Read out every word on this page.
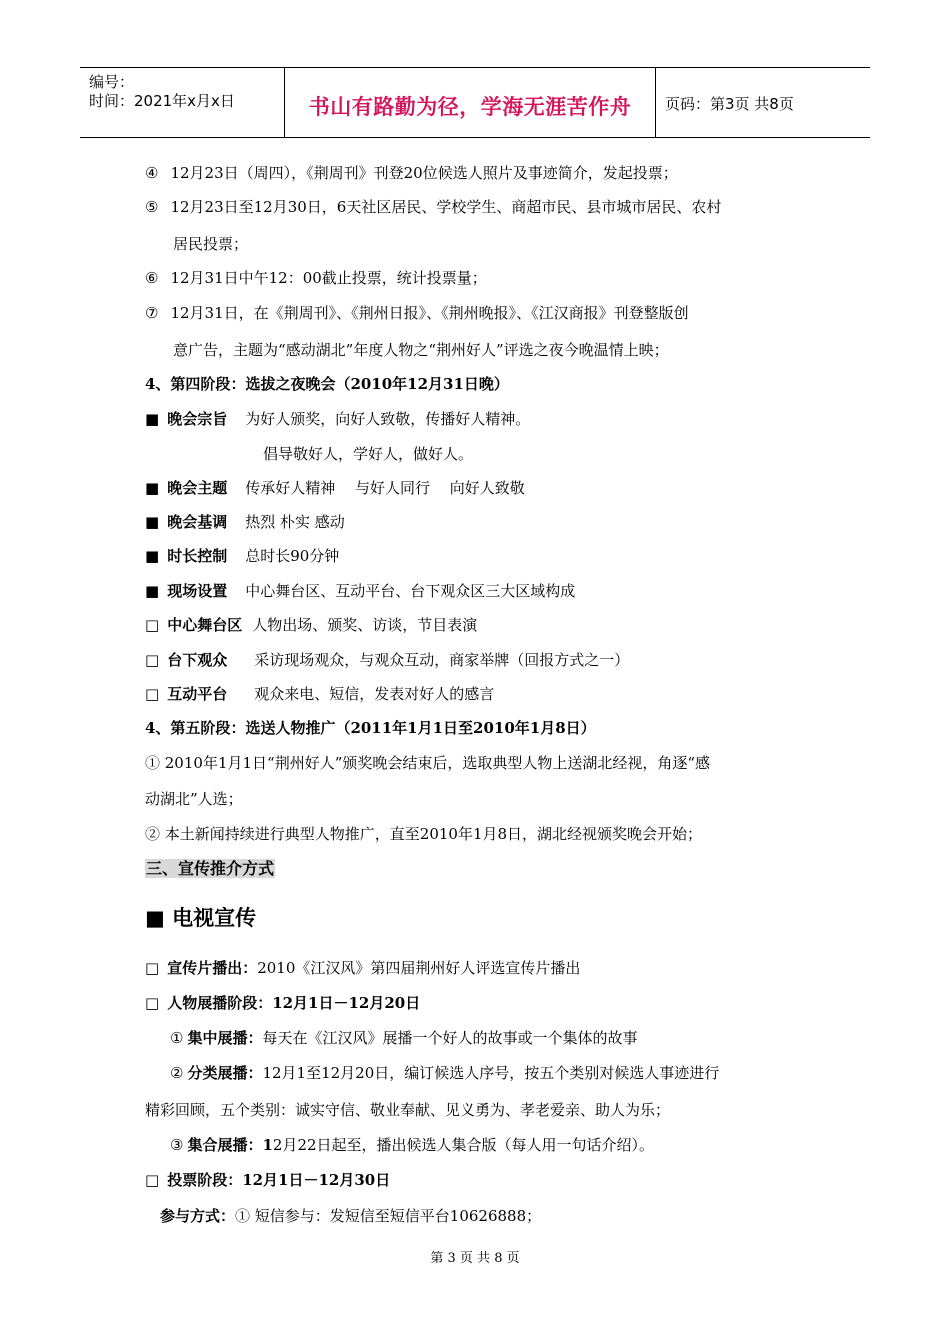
编号：
时间：2021年x月x日	书山有路勤为径，学海无涯苦作舟	页码：第3页 共8页
④ 12月23日（周四），《荆周刊》刊登20位候选人照片及事迹简介，发起投票；
⑤ 12月23日至12月30日，6天社区居民、学校学生、商超市民、县市城市居民、农村
居民投票；
⑥ 12月31日中午12：00截止投票，统计投票量；
⑦ 12月31日，在《荆周刊》、《荆州日报》、《荆州晚报》、《江汉商报》刊登整版创
意广告，主题为“感动湖北”年度人物之“荆州好人”评选之夜今晚温情上映；
4、第四阶段：选拔之夜晚会（2010年12月31日晚）
■ 晚会宗旨 为好人颁奖，向好人致敬，传播好人精神。
倡导敬好人，学好人，做好人。
■ 晚会主题 传承好人精神　 与好人同行　 向好人致敬
■ 晚会基调 热烈 朴实 感动
■ 时长控制 总时长90分钟
■ 现场设置 中心舞台区、互动平台、台下观众区三大区域构成
□ 中心舞台区 人物出场、颁奖、访谈，节目表演
□ 台下观众 采访现场观众，与观众互动，商家举牌（回报方式之一）
□ 互动平台 观众来电、短信，发表对好人的感言
4、第五阶段：选送人物推广（2011年1月1日至2010年1月8日）
① 2010年1月1日“荆州好人”颁奖晚会结束后，选取典型人物上送湖北经视，角逐“感
动湖北”人选；
② 本土新闻持续进行典型人物推广，直至2010年1月8日，湖北经视颁奖晚会开始；
三、宣传推介方式
■ 电视宣传
□ 宣传片播出：2010《江汉风》第四届荆州好人评选宣传片播出
□ 人物展播阶段：12月1日－12月20日
① 集中展播：每天在《江汉风》展播一个好人的故事或一个集体的故事
② 分类展播：12月1至12月20日，编订候选人序号，按五个类别对候选人事迹进行
精彩回顾，五个类别：诚实守信、敬业奉献、见义勇为、孝老爱亲、助人为乐；
③ 集合展播：12月22日起至，播出候选人集合版（每人用一句话介绍）。
□ 投票阶段：12月1日－12月30日
参与方式：① 短信参与：发短信至短信平台10626888；
第 3 页 共 8 页
